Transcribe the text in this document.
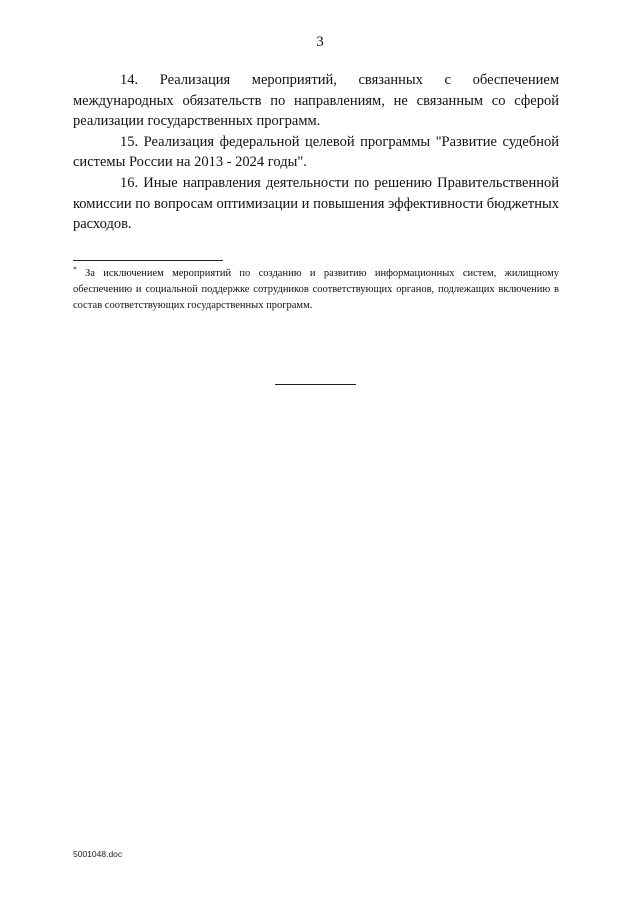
3

14. Реализация мероприятий, связанных с обеспечением международных обязательств по направлениям, не связанным со сферой реализации государственных программ.

15. Реализация федеральной целевой программы "Развитие судебной системы России на 2013 - 2024 годы".

16. Иные направления деятельности по решению Правительственной комиссии по вопросам оптимизации и повышения эффективности бюджетных расходов.

* За исключением мероприятий по созданию и развитию информационных систем, жилищному обеспечению и социальной поддержке сотрудников соответствующих органов, подлежащих включению в состав соответствующих государственных программ.

5001048.doc
